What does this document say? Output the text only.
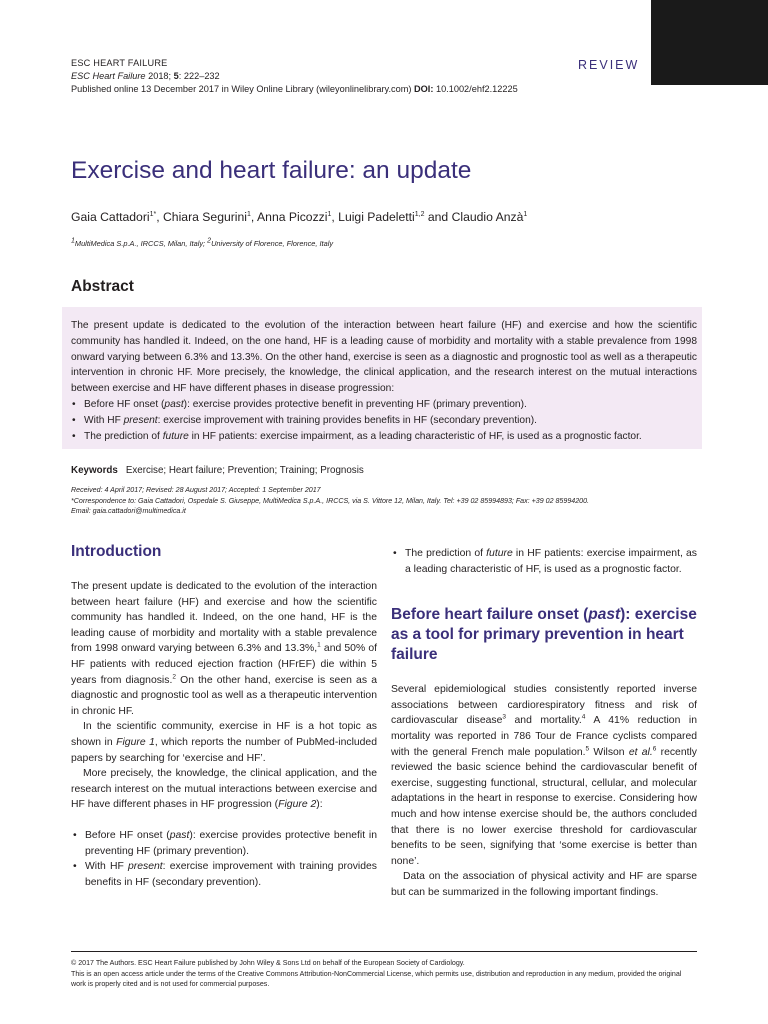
ESC HEART FAILURE
ESC Heart Failure 2018; 5: 222–232
Published online 13 December 2017 in Wiley Online Library (wileyonlinelibrary.com) DOI: 10.1002/ehf2.12225
REVIEW
Exercise and heart failure: an update
Gaia Cattadori$^{1*}$, Chiara Segurini$^1$, Anna Picozzi$^1$, Luigi Padeletti$^{1,2}$ and Claudio Anzà$^1$
$^1$MultiMedica S.p.A., IRCCS, Milan, Italy; $^2$University of Florence, Florence, Italy
Abstract

The present update is dedicated to the evolution of the interaction between heart failure (HF) and exercise and how the scientific community has handled it. Indeed, on the one hand, HF is a leading cause of morbidity and mortality with a stable prevalence from 1998 onward varying between 6.3% and 13.3%. On the other hand, exercise is seen as a diagnostic and prognostic tool as well as a therapeutic intervention in chronic HF. More precisely, the knowledge, the clinical application, and the research interest on the mutual interactions between exercise and HF have different phases in disease progression:

• Before HF onset (past): exercise provides protective benefit in preventing HF (primary prevention).
• With HF present: exercise improvement with training provides benefits in HF (secondary prevention).
• The prediction of future in HF patients: exercise impairment, as a leading characteristic of HF, is used as a prognostic factor.
Keywords Exercise; Heart failure; Prevention; Training; Prognosis
Received: 4 April 2017; Revised: 28 August 2017; Accepted: 1 September 2017
*Correspondence to: Gaia Cattadori, Ospedale S. Giuseppe, MultiMedica S.p.A., IRCCS, via S. Vittore 12, Milan, Italy. Tel: +39 02 85994893; Fax: +39 02 85994200.
Email: gaia.cattadori@multimedica.it
Introduction

The present update is dedicated to the evolution of the interaction between heart failure (HF) and exercise and how the scientific community has handled it. Indeed, on the one hand, HF is the leading cause of morbidity and mortality with a stable prevalence from 1998 onward varying between 6.3% and 13.3%,$^1$ and 50% of HF patients with reduced ejection fraction (HFrEF) die within 5 years from diagnosis.$^2$ On the other hand, exercise is seen as a diagnostic and prognostic tool as well as a therapeutic intervention in chronic HF.

In the scientific community, exercise in HF is a hot topic as shown in Figure 1, which reports the number of PubMed-included papers by searching for ‘exercise and HF’.

More precisely, the knowledge, the clinical application, and the research interest on the mutual interactions between exercise and HF have different phases in HF progression (Figure 2):

• Before HF onset (past): exercise provides protective benefit in preventing HF (primary prevention).
• With HF present: exercise improvement with training provides benefits in HF (secondary prevention).
• The prediction of future in HF patients: exercise impairment, as a leading characteristic of HF, is used as a prognostic factor.
Before heart failure onset (past): exercise as a tool for primary prevention in heart failure

Several epidemiological studies consistently reported inverse associations between cardiorespiratory fitness and risk of cardiovascular disease$^3$ and mortality.$^4$ A 41% reduction in mortality was reported in 786 Tour de France cyclists compared with the general French male population.$^5$ Wilson et al.$^6$ recently reviewed the basic science behind the cardiovascular benefit of exercise, suggesting functional, structural, cellular, and molecular adaptations in the heart in response to exercise. Considering how much and how intense exercise should be, the authors concluded that there is no lower exercise threshold for cardiovascular benefits to be seen, signifying that ‘some exercise is better than none’.

Data on the association of physical activity and HF are sparse but can be summarized in the following important findings.

© 2017 The Authors. ESC Heart Failure published by John Wiley & Sons Ltd on behalf of the European Society of Cardiology.
This is an open access article under the terms of the Creative Commons Attribution-NonCommercial License, which permits use, distribution and reproduction in any medium, provided the original work is properly cited and is not used for commercial purposes.
